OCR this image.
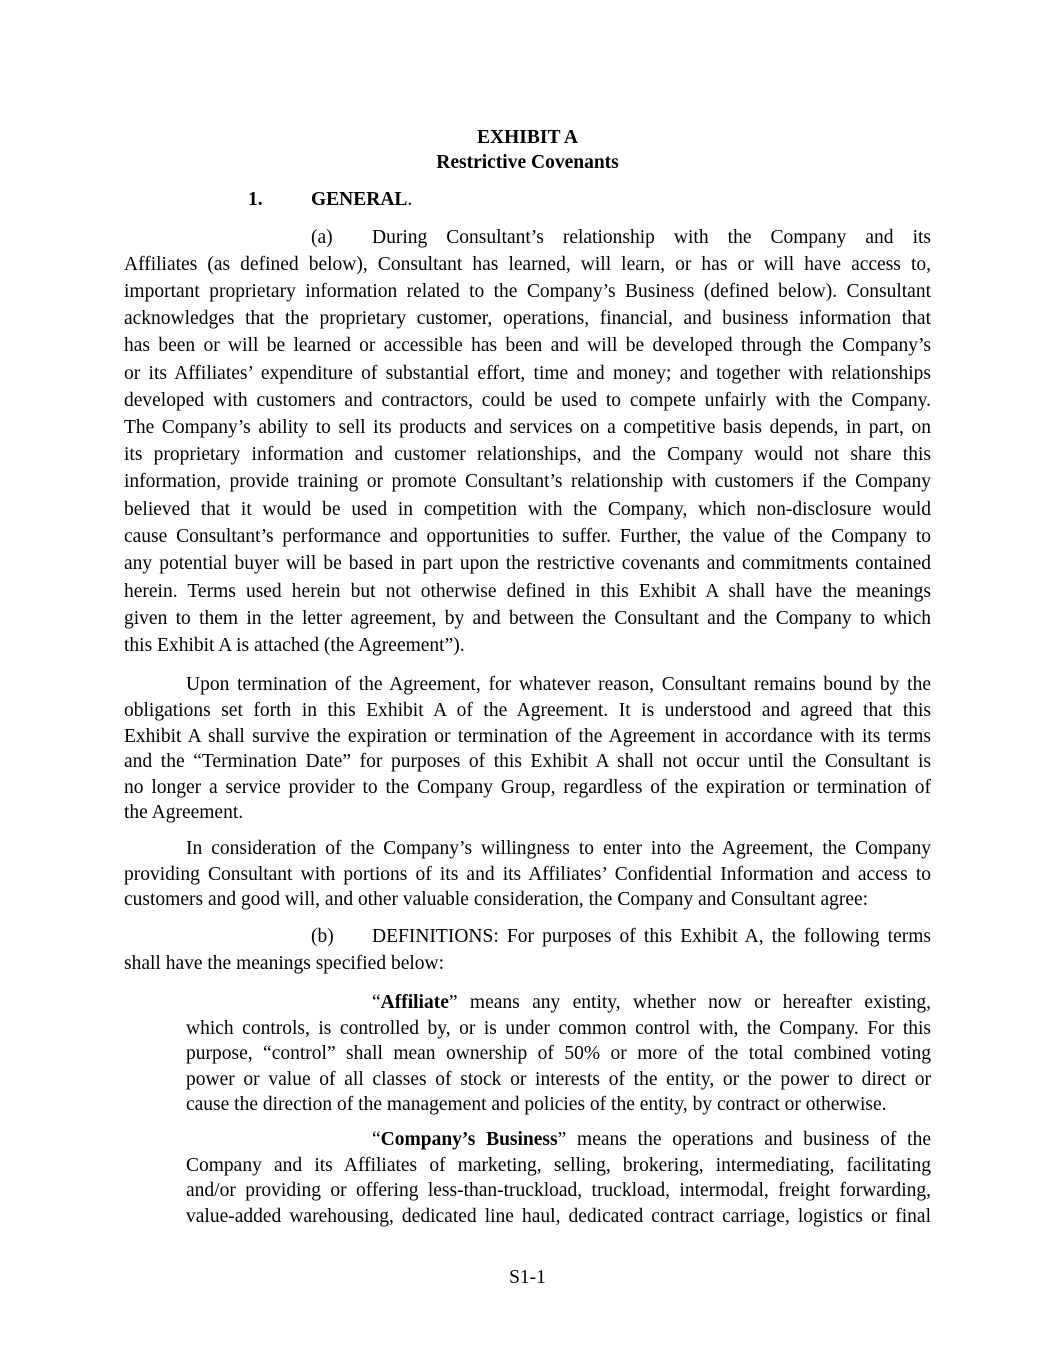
EXHIBIT A
Restrictive Covenants
1. GENERAL.
(a) During Consultant’s relationship with the Company and its
Affiliates (as defined below), Consultant has learned, will learn, or has or will have access to,
important proprietary information related to the Company’s Business (defined below). Consultant
acknowledges that the proprietary customer, operations, financial, and business information that
has been or will be learned or accessible has been and will be developed through the Company’s
or its Affiliates’ expenditure of substantial effort, time and money; and together with relationships
developed with customers and contractors, could be used to compete unfairly with the Company.
The Company’s ability to sell its products and services on a competitive basis depends, in part, on
its proprietary information and customer relationships, and the Company would not share this
information, provide training or promote Consultant’s relationship with customers if the Company
believed that it would be used in competition with the Company, which non-disclosure would
cause Consultant’s performance and opportunities to suffer. Further, the value of the Company to
any potential buyer will be based in part upon the restrictive covenants and commitments contained
herein. Terms used herein but not otherwise defined in this Exhibit A shall have the meanings
given to them in the letter agreement, by and between the Consultant and the Company to which
this Exhibit A is attached (the Agreement”).
Upon termination of the Agreement, for whatever reason, Consultant remains bound by the
obligations set forth in this Exhibit A of the Agreement. It is understood and agreed that this
Exhibit A shall survive the expiration or termination of the Agreement in accordance with its terms
and the “Termination Date” for purposes of this Exhibit A shall not occur until the Consultant is
no longer a service provider to the Company Group, regardless of the expiration or termination of
the Agreement.
In consideration of the Company’s willingness to enter into the Agreement, the Company
providing Consultant with portions of its and its Affiliates’ Confidential Information and access to
customers and good will, and other valuable consideration, the Company and Consultant agree:
(b) DEFINITIONS: For purposes of this Exhibit A, the following terms
shall have the meanings specified below:
“Affiliate” means any entity, whether now or hereafter existing,
which controls, is controlled by, or is under common control with, the Company. For this
purpose, “control” shall mean ownership of 50% or more of the total combined voting
power or value of all classes of stock or interests of the entity, or the power to direct or
cause the direction of the management and policies of the entity, by contract or otherwise.
“Company’s Business” means the operations and business of the
Company and its Affiliates of marketing, selling, brokering, intermediating, facilitating
and/or providing or offering less-than-truckload, truckload, intermodal, freight forwarding,
value-added warehousing, dedicated line haul, dedicated contract carriage, logistics or final
S1-1
